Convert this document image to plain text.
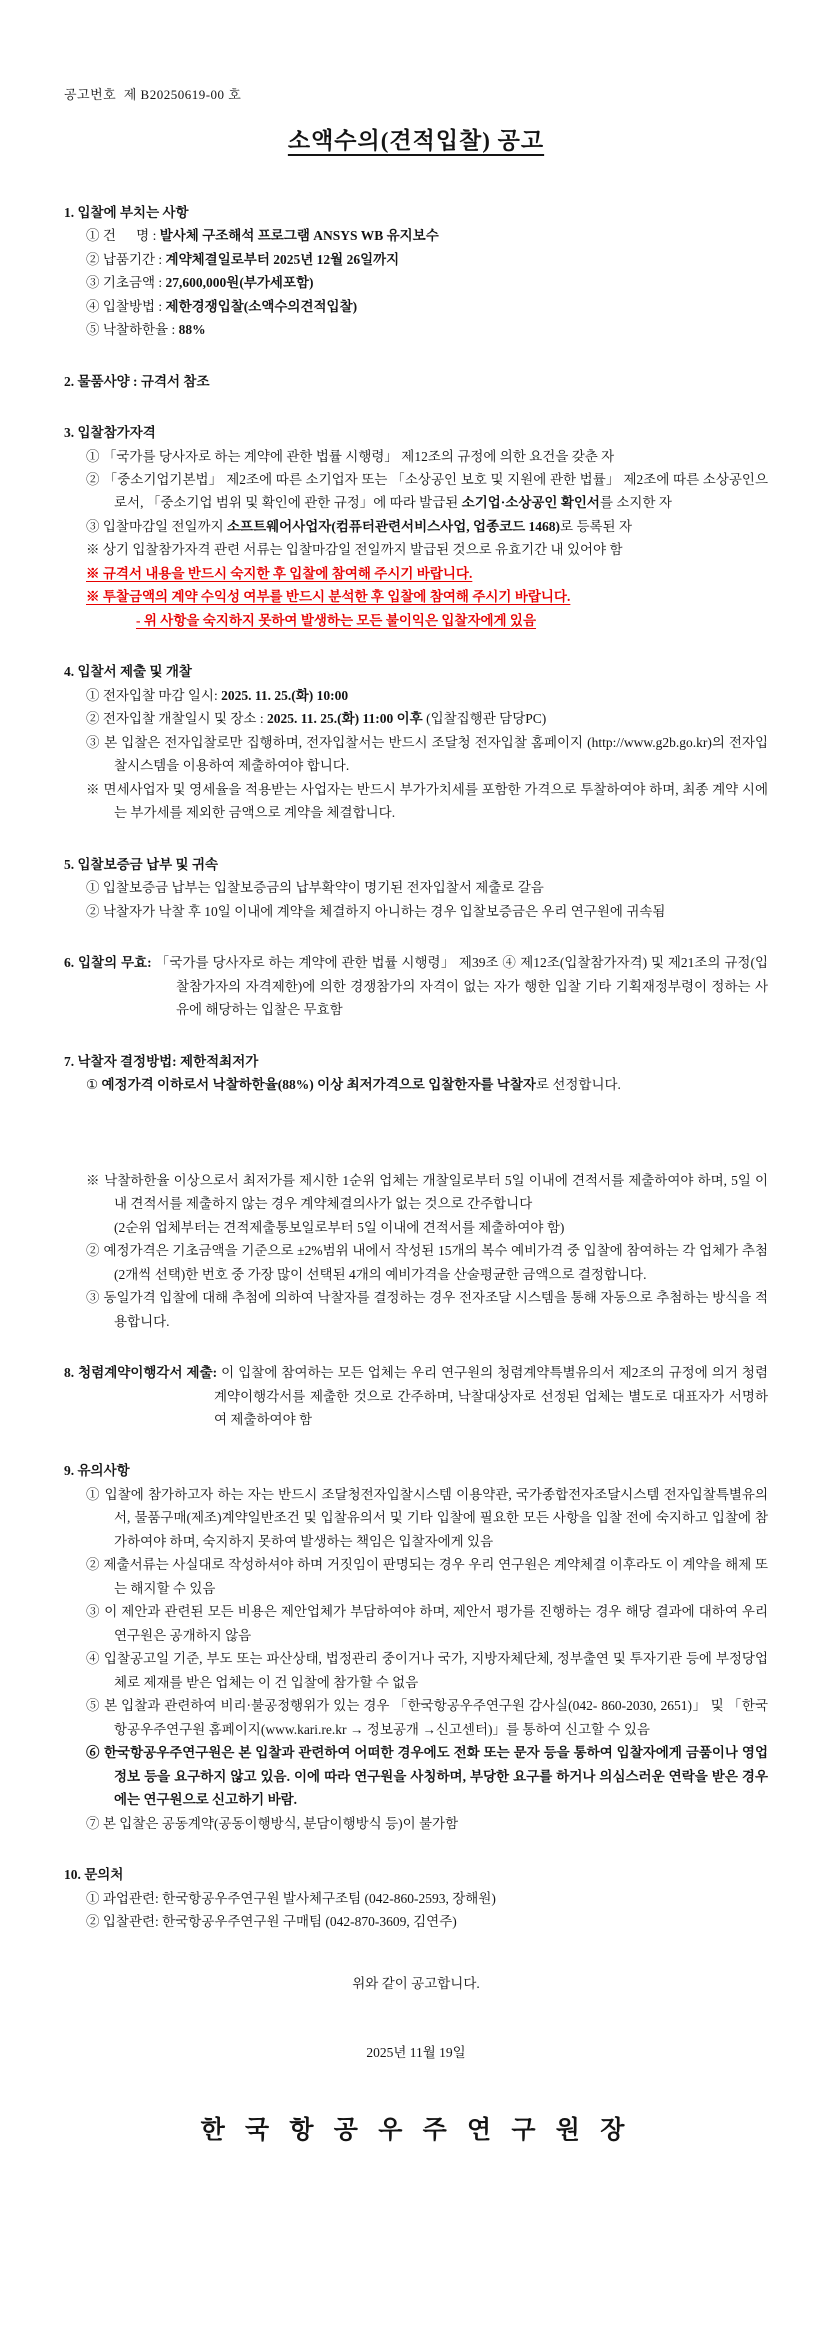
공고번호  제 B20250619-00 호
소액수의(견적입찰) 공고
1. 입찰에 부치는 사항
① 건      명 : 발사체 구조해석 프로그램 ANSYS WB 유지보수
② 납품기간 : 계약체결일로부터 2025년 12월 26일까지
③ 기초금액 : 27,600,000원(부가세포함)
④ 입찰방법 : 제한경쟁입찰(소액수의견적입찰)
⑤ 낙찰하한율 : 88%
2. 물품사양 : 규격서 참조
3. 입찰참가자격
① 「국가를 당사자로 하는 계약에 관한 법률 시행령」 제12조의 규정에 의한 요건을 갖춘 자
② 「중소기업기본법」 제2조에 따른 소기업자 또는 「소상공인 보호 및 지원에 관한 법률」 제2조에 따른 소상공인으로서, 「중소기업 범위 및 확인에 관한 규정」에 따라 발급된 소기업·소상공인 확인서를 소지한 자
③ 입찰마감일 전일까지 소프트웨어사업자(컴퓨터관련서비스사업, 업종코드 1468)로 등록된 자
※ 상기 입찰참가자격 관련 서류는 입찰마감일 전일까지 발급된 것으로 유효기간 내 있어야 함
※ 규격서 내용을 반드시 숙지한 후 입찰에 참여해 주시기 바랍니다.
※ 투찰금액의 계약 수익성 여부를 반드시 분석한 후 입찰에 참여해 주시기 바랍니다.
- 위 사항을 숙지하지 못하여 발생하는 모든 불이익은 입찰자에게 있음
4. 입찰서 제출 및 개찰
① 전자입찰 마감 일시: 2025. 11. 25.(화) 10:00
② 전자입찰 개찰일시 및 장소 : 2025. 11. 25.(화) 11:00 이후 (입찰집행관 담당PC)
③ 본 입찰은 전자입찰로만 집행하며, 전자입찰서는 반드시 조달청 전자입찰 홈페이지 (http://www.g2b.go.kr)의 전자입찰시스템을 이용하여 제출하여야 합니다.
※ 면세사업자 및 영세율을 적용받는 사업자는 반드시 부가가치세를 포함한 가격으로 투찰하여야 하며, 최종 계약 시에는 부가세를 제외한 금액으로 계약을 체결합니다.
5. 입찰보증금 납부 및 귀속
① 입찰보증금 납부는 입찰보증금의 납부확약이 명기된 전자입찰서 제출로 갈음
② 낙찰자가 낙찰 후 10일 이내에 계약을 체결하지 아니하는 경우 입찰보증금은 우리 연구원에 귀속됨
6. 입찰의 무효: 「국가를 당사자로 하는 계약에 관한 법률 시행령」 제39조 ④ 제12조(입찰참가자격) 및 제21조의 규정(입찰참가자의 자격제한)에 의한 경쟁참가의 자격이 없는 자가 행한 입찰 기타 기획재정부령이 정하는 사유에 해당하는 입찰은 무효함
7. 낙찰자 결정방법: 제한적최저가
① 예정가격 이하로서 낙찰하한율(88%) 이상 최저가격으로 입찰한자를 낙찰자로 선정합니다.
※ 낙찰하한율 이상으로서 최저가를 제시한 1순위 업체는 개찰일로부터 5일 이내에 견적서를 제출하여야 하며, 5일 이내 견적서를 제출하지 않는 경우 계약체결의사가 없는 것으로 간주합니다
(2순위 업체부터는 견적제출통보일로부터 5일 이내에 견적서를 제출하여야 함)
② 예정가격은 기초금액을 기준으로 ±2%범위 내에서 작성된 15개의 복수 예비가격 중 입찰에 참여하는 각 업체가 추첨(2개씩 선택)한 번호 중 가장 많이 선택된 4개의 예비가격을 산술평균한 금액으로 결정합니다.
③ 동일가격 입찰에 대해 추첨에 의하여 낙찰자를 결정하는 경우 전자조달 시스템을 통해 자동으로 추첨하는 방식을 적용합니다.
8. 청렴계약이행각서 제출: 이 입찰에 참여하는 모든 업체는 우리 연구원의 청렴계약특별유의서 제2조의 규정에 의거 청렴계약이행각서를 제출한 것으로 간주하며, 낙찰대상자로 선정된 업체는 별도로 대표자가 서명하여 제출하여야 함
9. 유의사항
① 입찰에 참가하고자 하는 자는 반드시 조달청전자입찰시스템 이용약관, 국가종합전자조달시스템 전자입찰특별유의서, 물품구매(제조)계약일반조건 및 입찰유의서 및 기타 입찰에 필요한 모든 사항을 입찰 전에 숙지하고 입찰에 참가하여야 하며, 숙지하지 못하여 발생하는 책임은 입찰자에게 있음
② 제출서류는 사실대로 작성하셔야 하며 거짓임이 판명되는 경우 우리 연구원은 계약체결 이후라도 이 계약을 해제 또는 해지할 수 있음
③ 이 제안과 관련된 모든 비용은 제안업체가 부담하여야 하며, 제안서 평가를 진행하는 경우 해당 결과에 대하여 우리 연구원은 공개하지 않음
④ 입찰공고일 기준, 부도 또는 파산상태, 법정관리 중이거나 국가, 지방자체단체, 정부출연 및 투자기관 등에 부정당업체로 제재를 받은 업체는 이 건 입찰에 참가할 수 없음
⑤ 본 입찰과 관련하여 비리·불공정행위가 있는 경우 「한국항공우주연구원 감사실(042- 860-2030, 2651)」 및 「한국항공우주연구원 홈페이지(www.kari.re.kr → 정보공개 →신고센터)」를 통하여 신고할 수 있음
⑥ 한국항공우주연구원은 본 입찰과 관련하여 어떠한 경우에도 전화 또는 문자 등을 통하여 입찰자에게 금품이나 영업 정보 등을 요구하지 않고 있음. 이에 따라 연구원을 사칭하며, 부당한 요구를 하거나 의심스러운 연락을 받은 경우에는 연구원으로 신고하기 바람.
⑦ 본 입찰은 공동계약(공동이행방식, 분담이행방식 등)이 불가함
10. 문의처
① 과업관련: 한국항공우주연구원 발사체구조팀 (042-860-2593, 장해원)
② 입찰관련: 한국항공우주연구원 구매팀 (042-870-3609, 김연주)
위와 같이 공고합니다.
2025년 11월 19일
한 국 항 공 우 주 연 구 원 장
